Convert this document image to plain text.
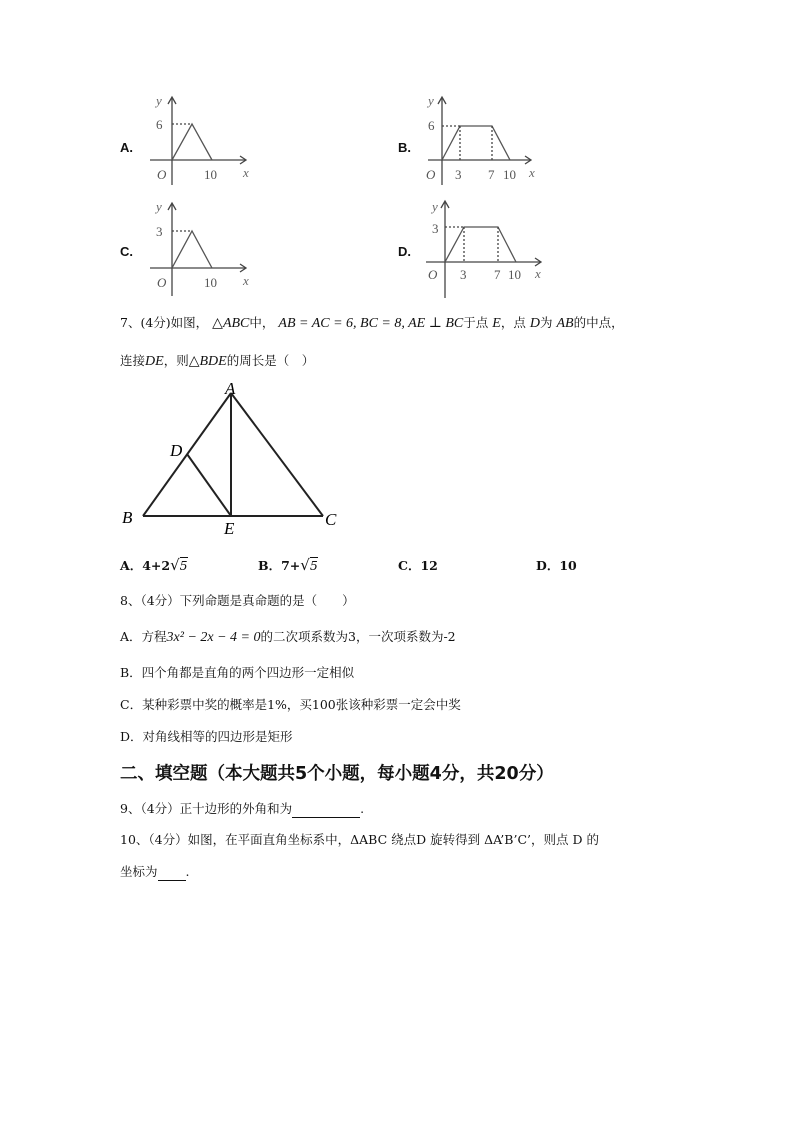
A.
y
6
O	10 x
B.
y
6
O 3 7 10 x
C.
y
3
O	10 x
D.
y
3
O 3 7 10 x
7、(4分)如图， △ABC中， AB = AC = 6, BC = 8, AE ⊥ BC于点 E，点 D为 AB的中点，
连接DE，则△BDE的周长是（　）
A
B	C
D
E
A．4+2√5	B．7+√5	C．12	D．10
8、（4分）下列命题是真命题的是（　　）
A．方程3x² − 2x − 4 = 0的二次项系数为3，一次项系数为-2
B．四个角都是直角的两个四边形一定相似
C．某种彩票中奖的概率是1%，买100张该种彩票一定会中奖
D．对角线相等的四边形是矩形
二、填空题（本大题共5个小题，每小题4分，共20分）
9、（4分）正十边形的外角和为	.
10、（4分）如图，在平面直角坐标系中，ΔABC 绕点D 旋转得到 ΔA’B’C’，则点 D 的
坐标为 .
